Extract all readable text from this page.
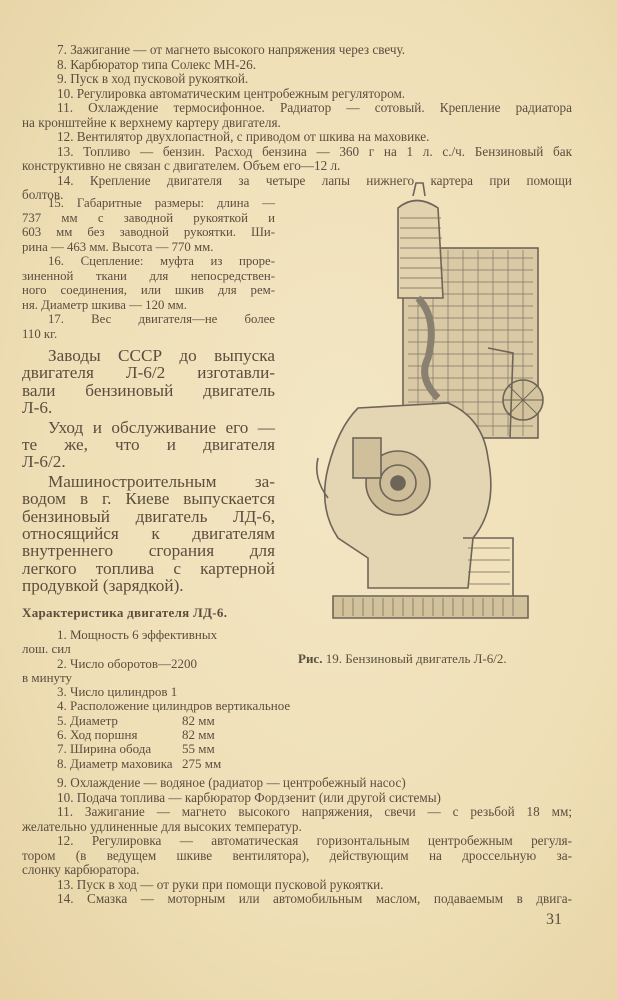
7. Зажигание — от магнето высокого напряжения через свечу.
8. Карбюратор типа Солекс МН-26.
9. Пуск в ход пусковой рукояткой.
10. Регулировка автоматическим центробежным регулятором.
11. Охлаждение термосифонное. Радиатор — сотовый. Крепление радиатора
на кронштейне к верхнему картеру двигателя.
12. Вентилятор двухлопастной, с приводом от шкива на маховике.
13. Топливо — бензин. Расход бензина — 360 г на 1 л. с./ч. Бензиновый бак
конструктивно не связан с двигателем. Объем его—12 л.
14. Крепление двигателя за четыре лапы нижнего картера при помощи
болтов.
15. Габаритные размеры: длина —
737 мм с заводной рукояткой и
603 мм без заводной рукоятки. Ши-
рина — 463 мм. Высота — 770 мм.
16. Сцепление: муфта из прорe-
зиненной ткани для непосредствен-
ного соединения, или шкив для рем-
ня. Диаметр шкива — 120 мм.
17. Вес двигателя—не более
110 кг.
Заводы СССР до выпуска
двигателя Л-6/2 изготавли-
вали бензиновый двигатель
Л-6.
Уход и обслуживание его —
те же, что и двигателя
Л-6/2.
Машиностроительным за-
водом в г. Киеве выпускается
бензиновый двигатель ЛД-6,
относящийся к двигателям
внутреннего сгорания для
легкого топлива с картерной
продувкой (зарядкой).
Характеристика двигателя ЛД-6.
1. Мощность 6 эффективных
лош. сил
2. Число оборотов—2200
в минуту
3. Число цилиндров 1
4. Расположение цилиндров вертикальное
5. Диаметр	82 мм
6. Ход поршня	82 мм
7. Ширина обода 55 мм
8. Диаметр маховика 275 мм
9. Охлаждение — водяное (радиатор — центробежный насос)
10. Подача топлива — карбюратор Фордзенит (или другой системы)
11. Зажигание — магнето высокого напряжения, свечи — с резьбой 18 мм;
желательно удлиненные для высоких температур.
12. Регулировка — автоматическая горизонтальным центробежным регуля-
тором (в ведущем шкиве вентилятора), действующим на дроссельную за-
слонку карбюратора.
13. Пуск в ход — от руки при помощи пусковой рукоятки.
14. Смазка — моторным или автомобильным маслом, подаваемым в двига-
Рис. 19. Бензиновый двигатель Л-6/2.
31
